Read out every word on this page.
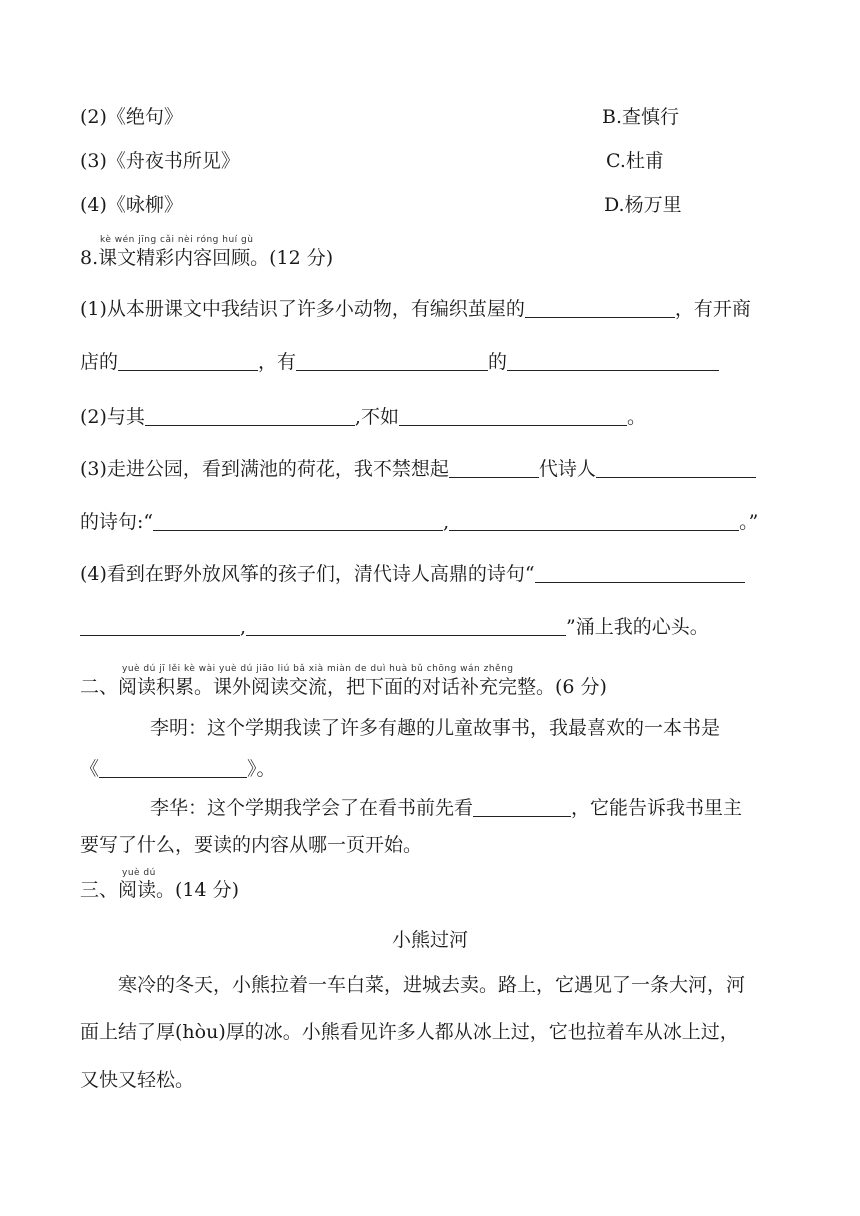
(2)《绝句》	B.查慎行
(3)《舟夜书所见》	C.杜甫
(4)《咏柳》	D.杨万里
kè wén jīng cǎi nèi róng huí gù
8.课文精彩内容回顾。(12 分)
(1)从本册课文中我结识了许多小动物，有编织茧屋的	，有开商
店的	，有	的
(2)与其	,不如	。
(3)走进公园，看到满池的荷花，我不禁想起	代诗人
的诗句:“	,	。”
(4)看到在野外放风筝的孩子们，清代诗人高鼎的诗句“
,	”涌上我的心头。
yuè dú jī lěi kè wài yuè dú jiāo liú bǎ xià miàn de duì huà bǔ chōng wán zhěng
二、阅读积累。课外阅读交流，把下面的对话补充完整。(6 分)
李明：这个学期我读了许多有趣的儿童故事书，我最喜欢的一本书是
《	》。
李华：这个学期我学会了在看书前先看	，它能告诉我书里主
要写了什么，要读的内容从哪一页开始。
yuè dú
三、阅读。(14 分)
小熊过河
寒冷的冬天，小熊拉着一车白菜，进城去卖。路上，它遇见了一条大河，河
面上结了厚(hòu)厚的冰。小熊看见许多人都从冰上过，它也拉着车从冰上过，
又快又轻松。
